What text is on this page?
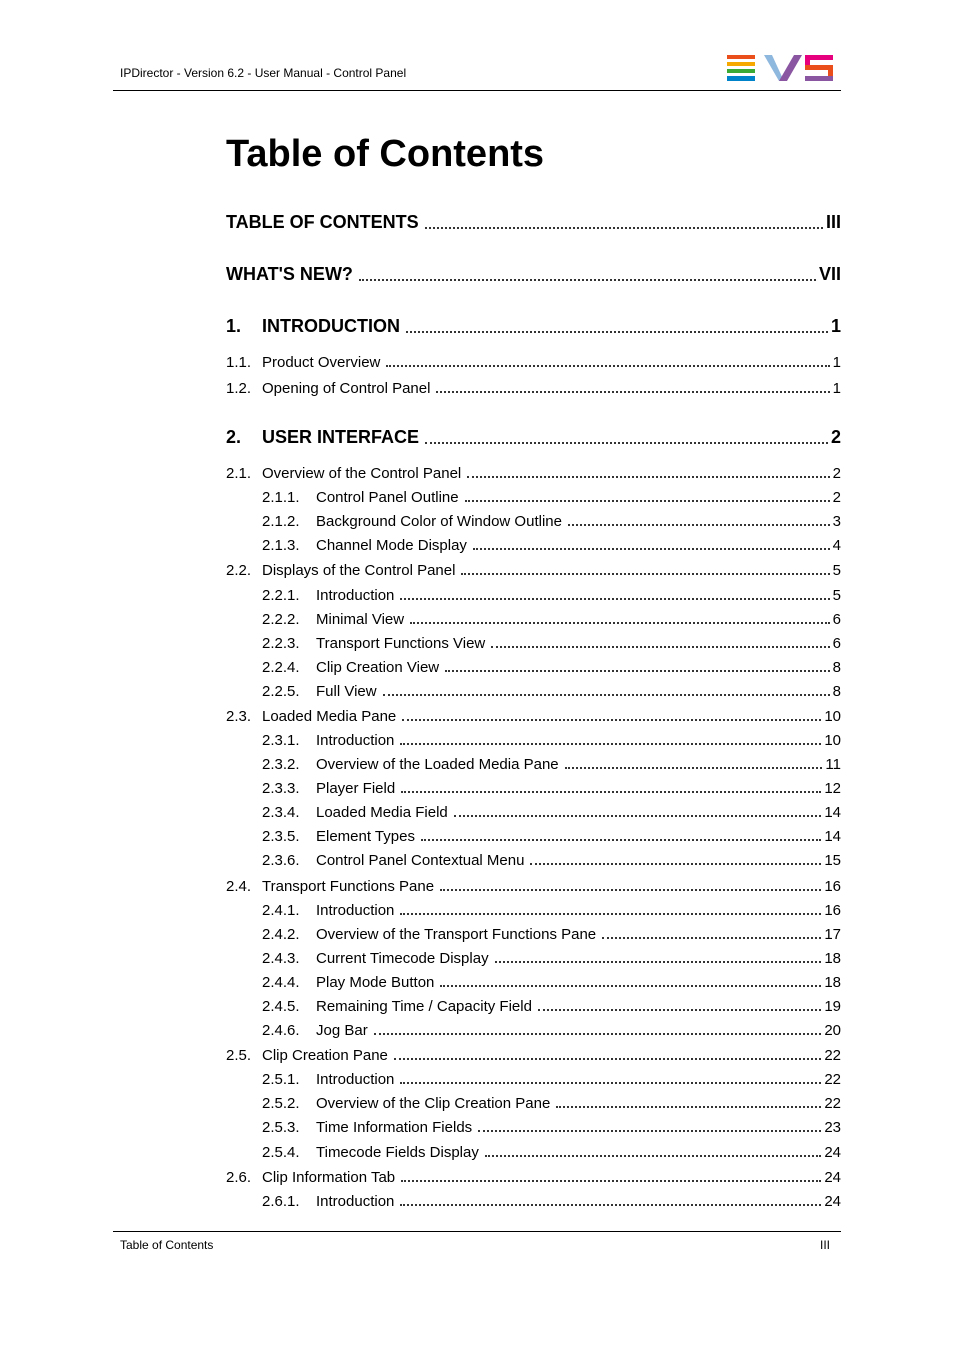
IPDirector - Version 6.2 - User Manual - Control Panel
Table of Contents
TABLE OF CONTENTS	III
WHAT'S NEW?	VII
1.	INTRODUCTION	1
1.1. Product Overview	1
1.2. Opening of Control Panel	1
2.	USER INTERFACE	2
2.1. Overview of the Control Panel	2
2.1.1.	Control Panel Outline	2
2.1.2.	Background Color of Window Outline	3
2.1.3.	Channel Mode Display	4
2.2. Displays of the Control Panel	5
2.2.1.	Introduction	5
2.2.2.	Minimal View	6
2.2.3.	Transport Functions View	6
2.2.4.	Clip Creation View	8
2.2.5.	Full View	8
2.3. Loaded Media Pane	10
2.3.1.	Introduction	10
2.3.2.	Overview of the Loaded Media Pane	11
2.3.3.	Player Field	12
2.3.4.	Loaded Media Field	14
2.3.5.	Element Types	14
2.3.6.	Control Panel Contextual Menu	15
2.4. Transport Functions Pane	16
2.4.1.	Introduction	16
2.4.2.	Overview of the Transport Functions Pane	17
2.4.3.	Current Timecode Display	18
2.4.4.	Play Mode Button	18
2.4.5.	Remaining Time / Capacity Field	19
2.4.6.	Jog Bar	20
2.5. Clip Creation Pane	22
2.5.1.	Introduction	22
2.5.2.	Overview of the Clip Creation Pane	22
2.5.3.	Time Information Fields	23
2.5.4.	Timecode Fields Display	24
2.6. Clip Information Tab	24
2.6.1.	Introduction	24
Table of Contents	III
